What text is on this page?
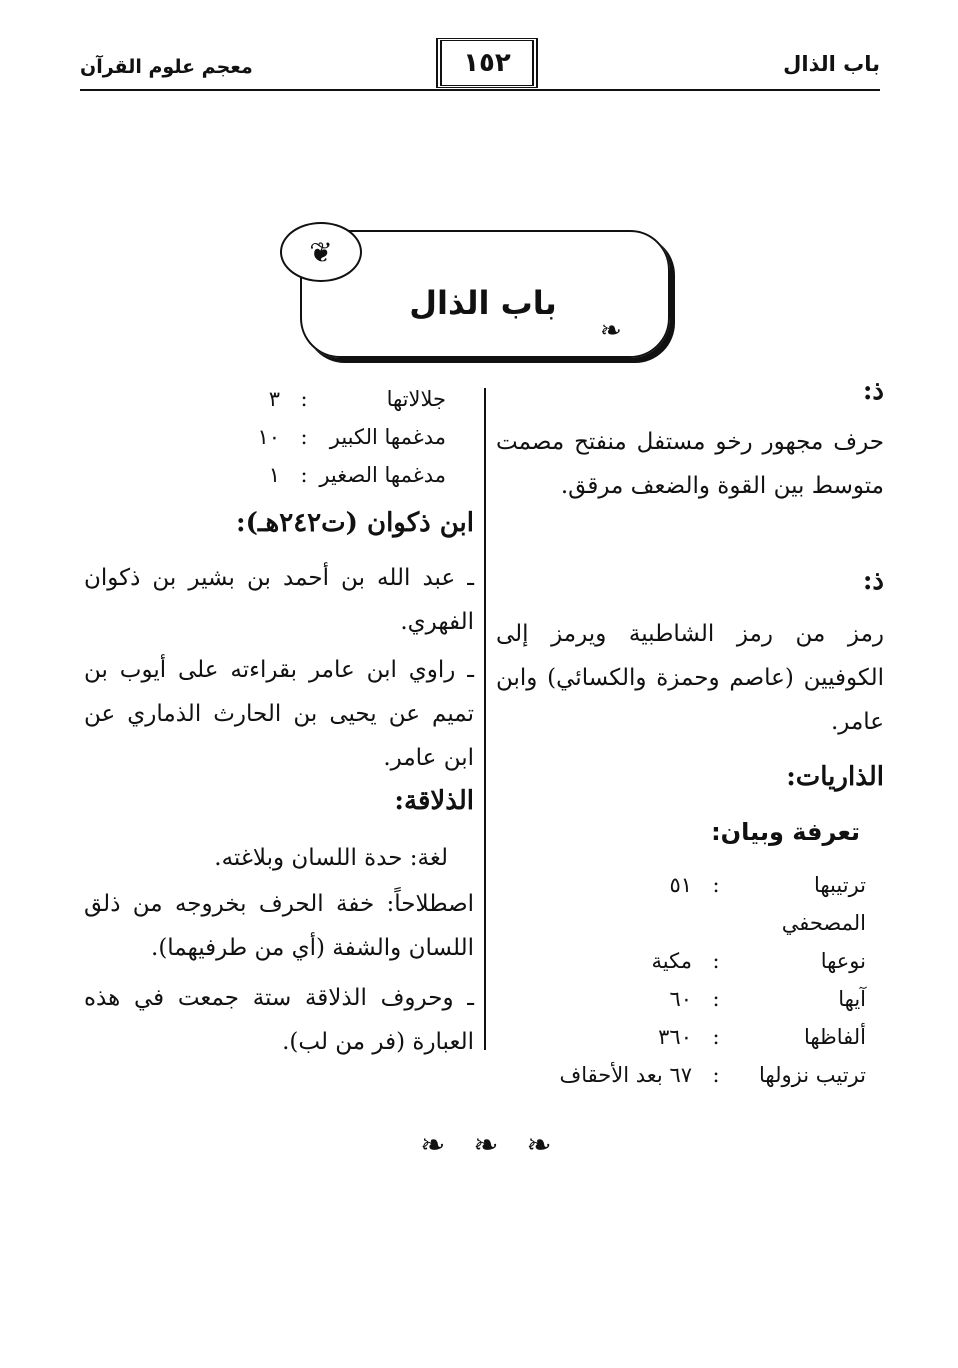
باب الذال
١٥٢
معجم علوم القرآن
باب الذال
❦
❧
ذ:
حرف مجهور رخو مستفل منفتح مصمت متوسط بين القوة والضعف مرقق.
ذ:
رمز من رمز الشاطبية ويرمز إلى الكوفيين (عاصم وحمزة والكسائي) وابن عامر.
الذاريات:
تعرفة وبيان:
ترتيبها المصحفي
:
٥١
نوعها
:
مكية
آيها
:
٦٠
ألفاظها
:
٣٦٠
ترتيب نزولها
:
٦٧ بعد الأحقاف
جلالاتها
:
٣
مدغمها الكبير
:
١٠
مدغمها الصغير
:
١
ابن ذكوان (ت٢٤٢هـ):
ـ عبد الله بن أحمد بن بشير بن ذكوان الفهري.
ـ راوي ابن عامر بقراءته على أيوب بن تميم عن يحيى بن الحارث الذماري عن ابن عامر.
الذلاقة:
لغة: حدة اللسان وبلاغته.
اصطلاحاً: خفة الحرف بخروجه من ذلق اللسان والشفة (أي من طرفيهما).
ـ وحروف الذلاقة ستة جمعت في هذه العبارة (فر من لب).
❧❧❧
